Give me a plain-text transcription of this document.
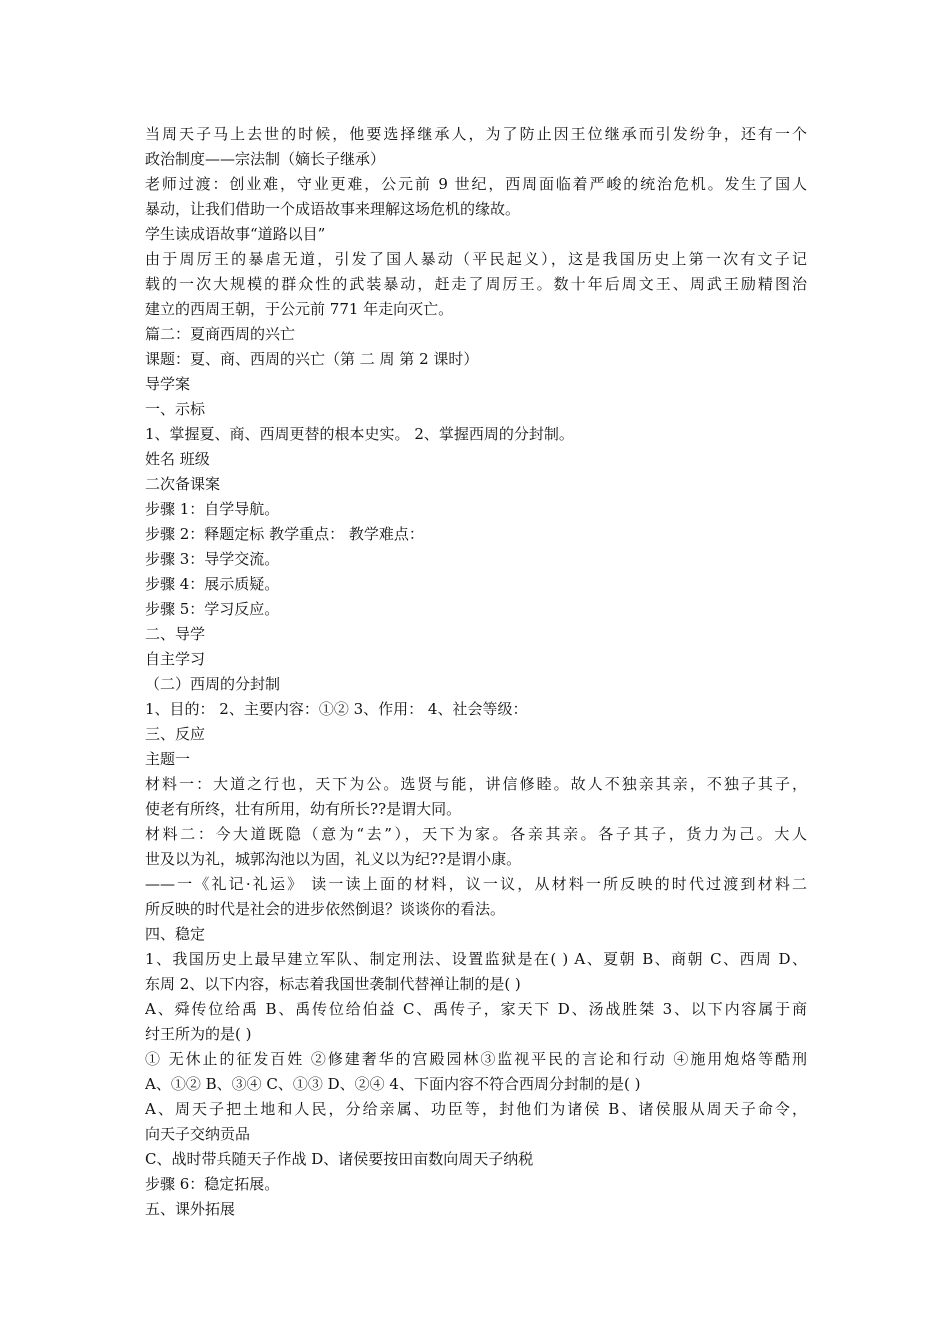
当周天子马上去世的时候，他要选择继承人，为了防止因王位继承而引发纷争，还有一个

政治制度——宗法制（嫡长子继承）

老师过渡：创业难，守业更难，公元前 9 世纪，西周面临着严峻的统治危机。发生了国人

暴动，让我们借助一个成语故事来理解这场危机的缘故。

学生读成语故事“道路以目”

由于周厉王的暴虐无道，引发了国人暴动（平民起义），这是我国历史上第一次有文子记

载的一次大规模的群众性的武装暴动，赶走了周厉王。数十年后周文王、周武王励精图治

建立的西周王朝，于公元前 771 年走向灭亡。

篇二：夏商西周的兴亡

课题：夏、商、西周的兴亡（第 二 周 第 2 课时）

导学案

一、示标

1、掌握夏、商、西周更替的根本史实。 2、掌握西周的分封制。

姓名 班级

二次备课案

步骤 1：自学导航。

步骤 2：释题定标 教学重点： 教学难点：

步骤 3：导学交流。

步骤 4：展示质疑。

步骤 5：学习反应。

二、导学

自主学习

（二）西周的分封制

1、目的： 2、主要内容：①② 3、作用： 4、社会等级：

三、反应

主题一

材料一：大道之行也，天下为公。选贤与能，讲信修睦。故人不独亲其亲，不独子其子，

使老有所终，壮有所用，幼有所长??是谓大同。

材料二：今大道既隐（意为“去”），天下为家。各亲其亲。各子其子，货力为己。大人

世及以为礼，城郭沟池以为固，礼义以为纪??是谓小康。

——一《礼记·礼运》 读一读上面的材料，议一议，从材料一所反映的时代过渡到材料二

所反映的时代是社会的进步依然倒退？谈谈你的看法。

四、稳定

1、我国历史上最早建立军队、制定刑法、设置监狱是在( ) A、夏朝 B、商朝 C、西周 D、

东周 2、以下内容，标志着我国世袭制代替禅让制的是( )

A、舜传位给禹 B、禹传位给伯益 C、禹传子，家天下 D、汤战胜桀 3、以下内容属于商

纣王所为的是( )

① 无休止的征发百姓 ②修建奢华的宫殿园林③监视平民的言论和行动 ④施用炮烙等酷刑

A、①② B、③④ C、①③ D、②④ 4、下面内容不符合西周分封制的是( )

A、周天子把土地和人民，分给亲属、功臣等，封他们为诸侯 B、诸侯服从周天子命令，

向天子交纳贡品

C、战时带兵随天子作战 D、诸侯要按田亩数向周天子纳税

步骤 6：稳定拓展。

五、课外拓展
